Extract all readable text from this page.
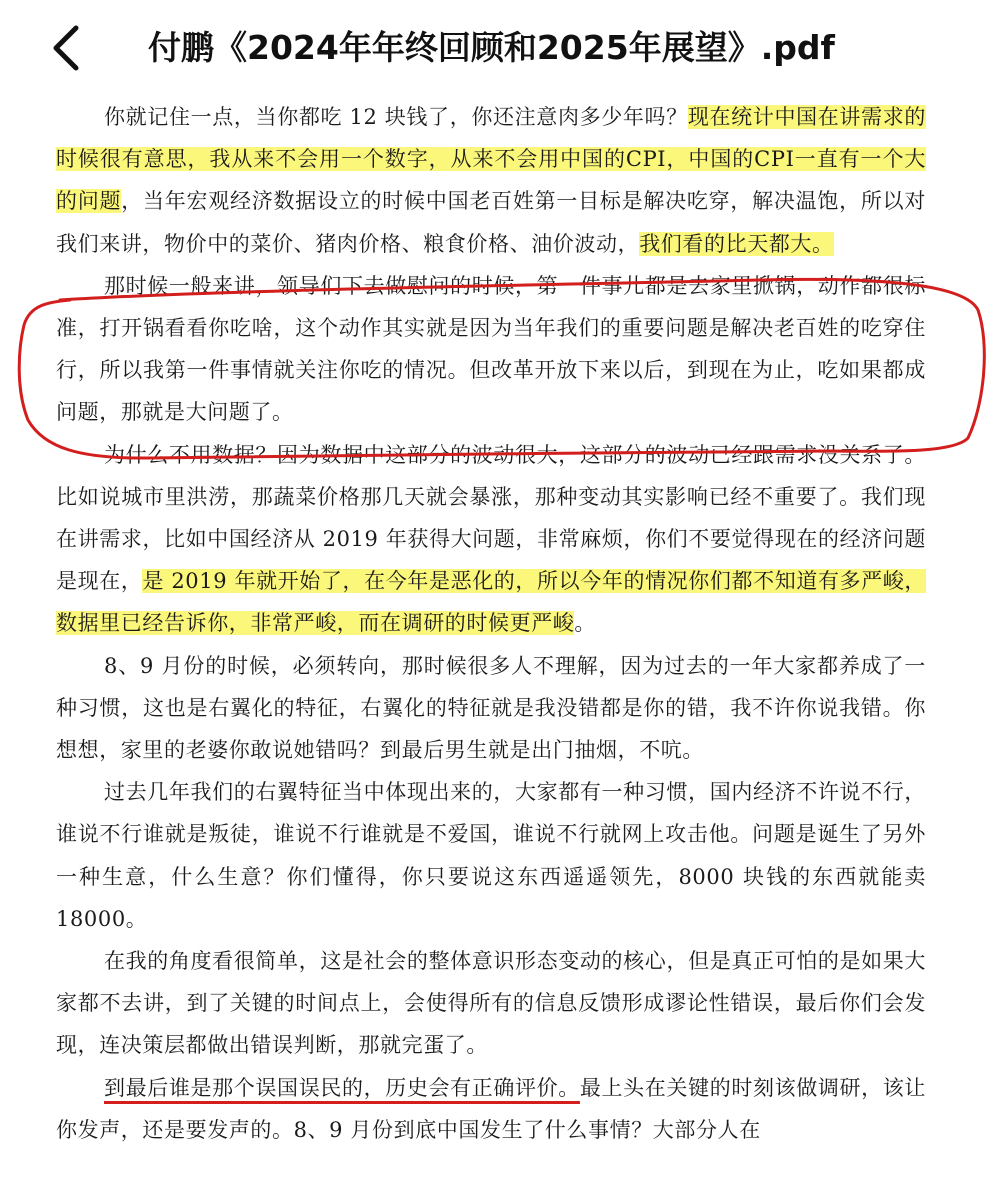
付鹏《2024年年终回顾和2025年展望》.pdf

你就记住一点，当你都吃 12 块钱了，你还注意肉多少年吗？现在统计中国在讲需求的时候很有意思，我从来不会用一个数字，从来不会用中国的CPI，中国的CPI一直有一个大的问题，当年宏观经济数据设立的时候中国老百姓第一目标是解决吃穿，解决温饱，所以对我们来讲，物价中的菜价、猪肉价格、粮食价格、油价波动，我们看的比天都大。

那时候一般来讲，领导们下去做慰问的时候，第一件事儿都是去家里掀锅，动作都很标准，打开锅看看你吃啥，这个动作其实就是因为当年我们的重要问题是解决老百姓的吃穿住行，所以我第一件事情就关注你吃的情况。但改革开放下来以后，到现在为止，吃如果都成问题，那就是大问题了。

为什么不用数据？因为数据中这部分的波动很大，这部分的波动已经跟需求没关系了。比如说城市里洪涝，那蔬菜价格那几天就会暴涨，那种变动其实影响已经不重要了。我们现在讲需求，比如中国经济从 2019 年获得大问题，非常麻烦，你们不要觉得现在的经济问题是现在，是 2019 年就开始了，在今年是恶化的，所以今年的情况你们都不知道有多严峻，数据里已经告诉你，非常严峻，而在调研的时候更严峻。

8、9 月份的时候，必须转向，那时候很多人不理解，因为过去的一年大家都养成了一种习惯，这也是右翼化的特征，右翼化的特征就是我没错都是你的错，我不许你说我错。你想想，家里的老婆你敢说她错吗？到最后男生就是出门抽烟，不吭。

过去几年我们的右翼特征当中体现出来的，大家都有一种习惯，国内经济不许说不行，谁说不行谁就是叛徒，谁说不行谁就是不爱国，谁说不行就网上攻击他。问题是诞生了另外一种生意，什么生意？你们懂得，你只要说这东西遥遥领先，8000 块钱的东西就能卖 18000。

在我的角度看很简单，这是社会的整体意识形态变动的核心，但是真正可怕的是如果大家都不去讲，到了关键的时间点上，会使得所有的信息反馈形成谬论性错误，最后你们会发现，连决策层都做出错误判断，那就完蛋了。

到最后谁是那个误国误民的，历史会有正确评价。最上头在关键的时刻该做调研，该让你发声，还是要发声的。8、9 月份到底中国发生了什么事情？大部分人在
